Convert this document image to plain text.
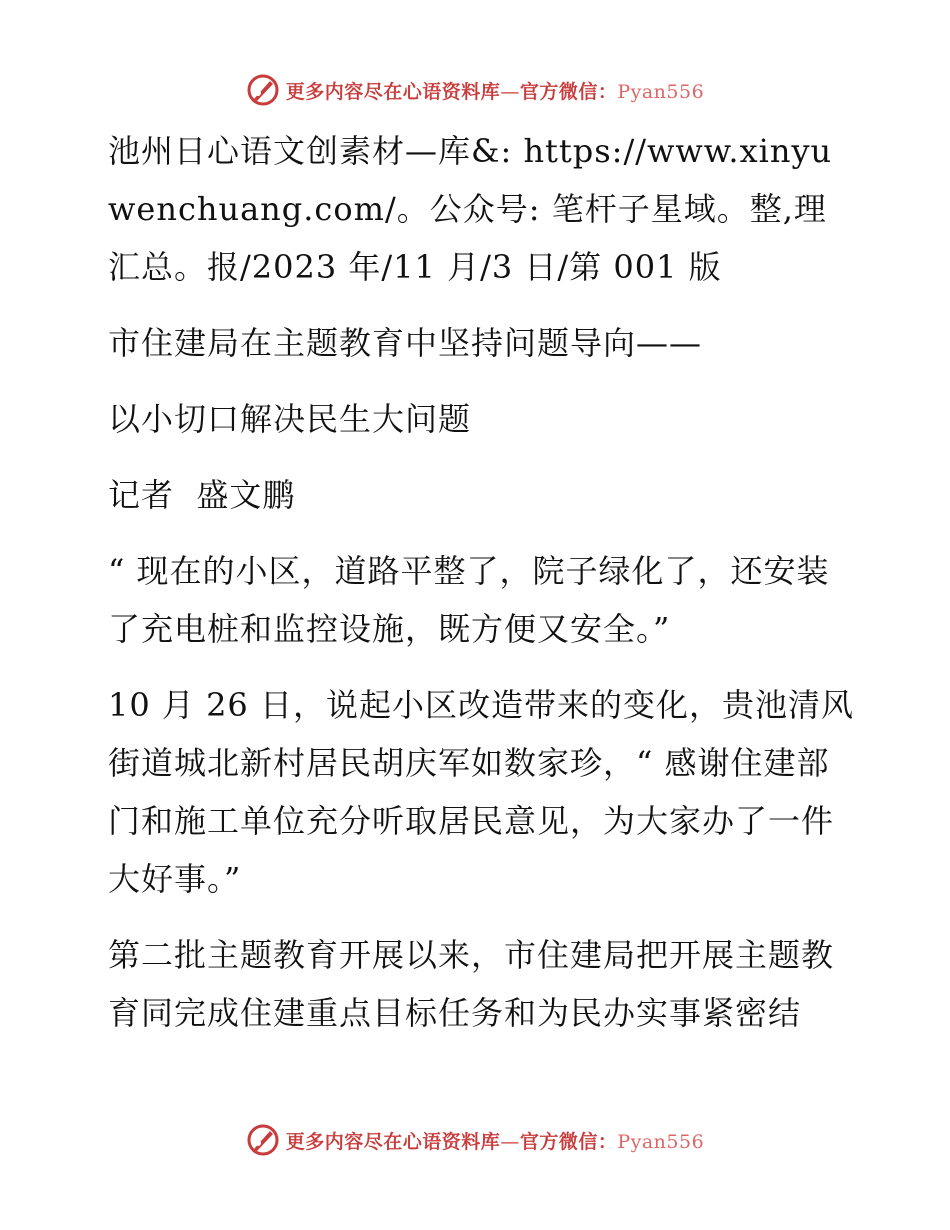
更多内容尽在心语资料库—官方微信：Pyan556

池州日心语文创素材—库&: https://www.xinyuwenchuang.com/。公众号: 笔杆子星域。整,理汇总。报/2023 年/11 月/3 日/第 001 版

市住建局在主题教育中坚持问题导向——

以小切口解决民生大问题

记者  盛文鹏

“ 现在的小区，道路平整了，院子绿化了，还安装了充电桩和监控设施，既方便又安全。”

10 月 26 日，说起小区改造带来的变化，贵池清风街道城北新村居民胡庆军如数家珍，“ 感谢住建部门和施工单位充分听取居民意见，为大家办了一件大好事。”

第二批主题教育开展以来，市住建局把开展主题教育同完成住建重点目标任务和为民办实事紧密结

更多内容尽在心语资料库—官方微信：Pyan556
